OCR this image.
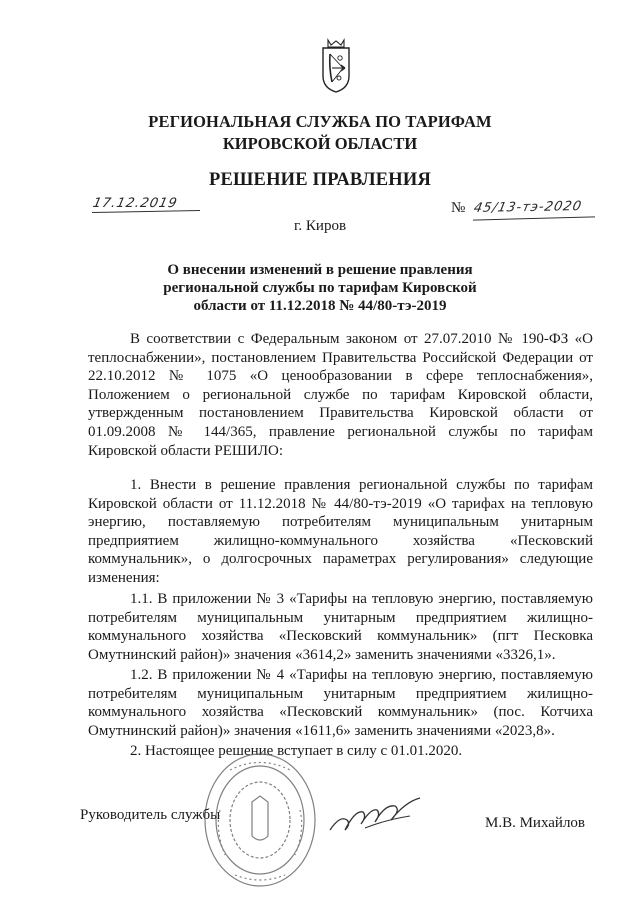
РЕГИОНАЛЬНАЯ СЛУЖБА ПО ТАРИФАМ
КИРОВСКОЙ ОБЛАСТИ
РЕШЕНИЕ ПРАВЛЕНИЯ
17.12.2019	№ 45/13-тэ-2020
г. Киров
О внесении изменений в решение правления
региональной службы по тарифам Кировской
области от 11.12.2018 № 44/80-тэ-2019
В соответствии с Федеральным законом от 27.07.2010 № 190-ФЗ «О теплоснабжении», постановлением Правительства Российской Федерации от 22.10.2012 № 1075 «О ценообразовании в сфере теплоснабжения», Положением о региональной службе по тарифам Кировской области, утвержденным постановлением Правительства Кировской области от 01.09.2008 № 144/365, правление региональной службы по тарифам Кировской области РЕШИЛО:
1. Внести в решение правления региональной службы по тарифам Кировской области от 11.12.2018 № 44/80-тэ-2019 «О тарифах на тепловую энергию, поставляемую потребителям муниципальным унитарным предприятием жилищно-коммунального хозяйства «Песковский коммунальник», о долгосрочных параметрах регулирования» следующие изменения:
1.1. В приложении № 3 «Тарифы на тепловую энергию, поставляемую потребителям муниципальным унитарным предприятием жилищно-коммунального хозяйства «Песковский коммунальник» (пгт Песковка Омутнинский район)» значения «3614,2» заменить значениями «3326,1».
1.2. В приложении № 4 «Тарифы на тепловую энергию, поставляемую потребителям муниципальным унитарным предприятием жилищно-коммунального хозяйства «Песковский коммунальник» (пос. Котчиха Омутнинский район)» значения «1611,6» заменить значениями «2023,8».
2. Настоящее решение вступает в силу с 01.01.2020.
Руководитель службы	М.В. Михайлов
